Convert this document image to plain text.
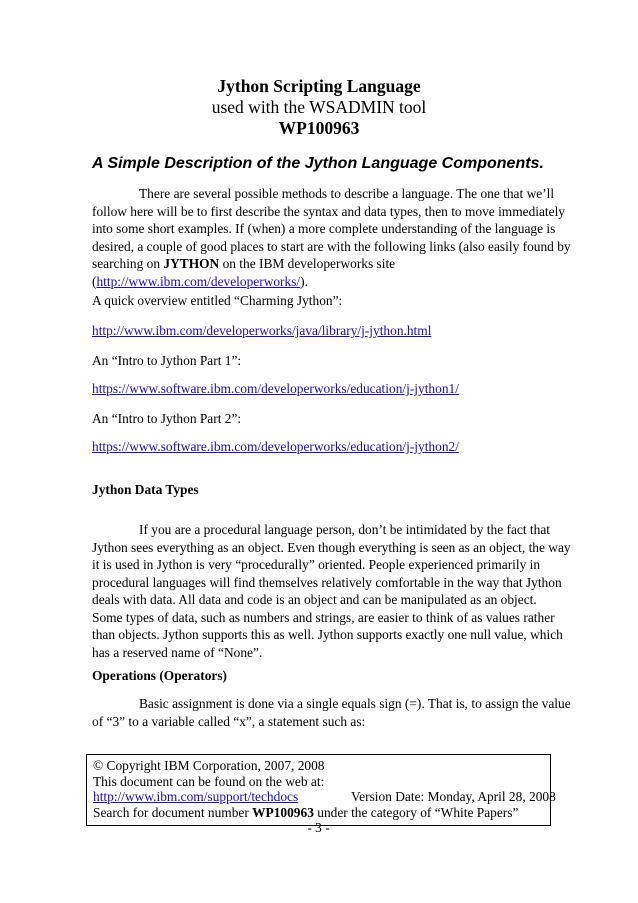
Jython Scripting Language
used with the WSADMIN tool
WP100963
A Simple Description of the Jython Language Components.
There are several possible methods to describe a language. The one that we’ll
follow here will be to first describe the syntax and data types, then to move immediately
into some short examples. If (when) a more complete understanding of the language is
desired, a couple of good places to start are with the following links (also easily found by
searching on JYTHON on the IBM developerworks site
(http://www.ibm.com/developerworks/).
A quick overview entitled “Charming Jython”:
http://www.ibm.com/developerworks/java/library/j-jython.html
An “Intro to Jython Part 1”:
https://www.software.ibm.com/developerworks/education/j-jython1/
An “Intro to Jython Part 2”:
https://www.software.ibm.com/developerworks/education/j-jython2/
Jython Data Types
If you are a procedural language person, don’t be intimidated by the fact that
Jython sees everything as an object. Even though everything is seen as an object, the way
it is used in Jython is very “procedurally” oriented. People experienced primarily in
procedural languages will find themselves relatively comfortable in the way that Jython
deals with data. All data and code is an object and can be manipulated as an object.
Some types of data, such as numbers and strings, are easier to think of as values rather
than objects. Jython supports this as well. Jython supports exactly one null value, which
has a reserved name of “None”.
Operations (Operators)
Basic assignment is done via a single equals sign (=). That is, to assign the value
of “3” to a variable called “x”, a statement such as:
© Copyright IBM Corporation, 2007, 2008
This document can be found on the web at:
http://www.ibm.com/support/techdocs	Version Date: Monday, April 28, 2008
Search for document number WP100963 under the category of “White Papers”
- 3 -
